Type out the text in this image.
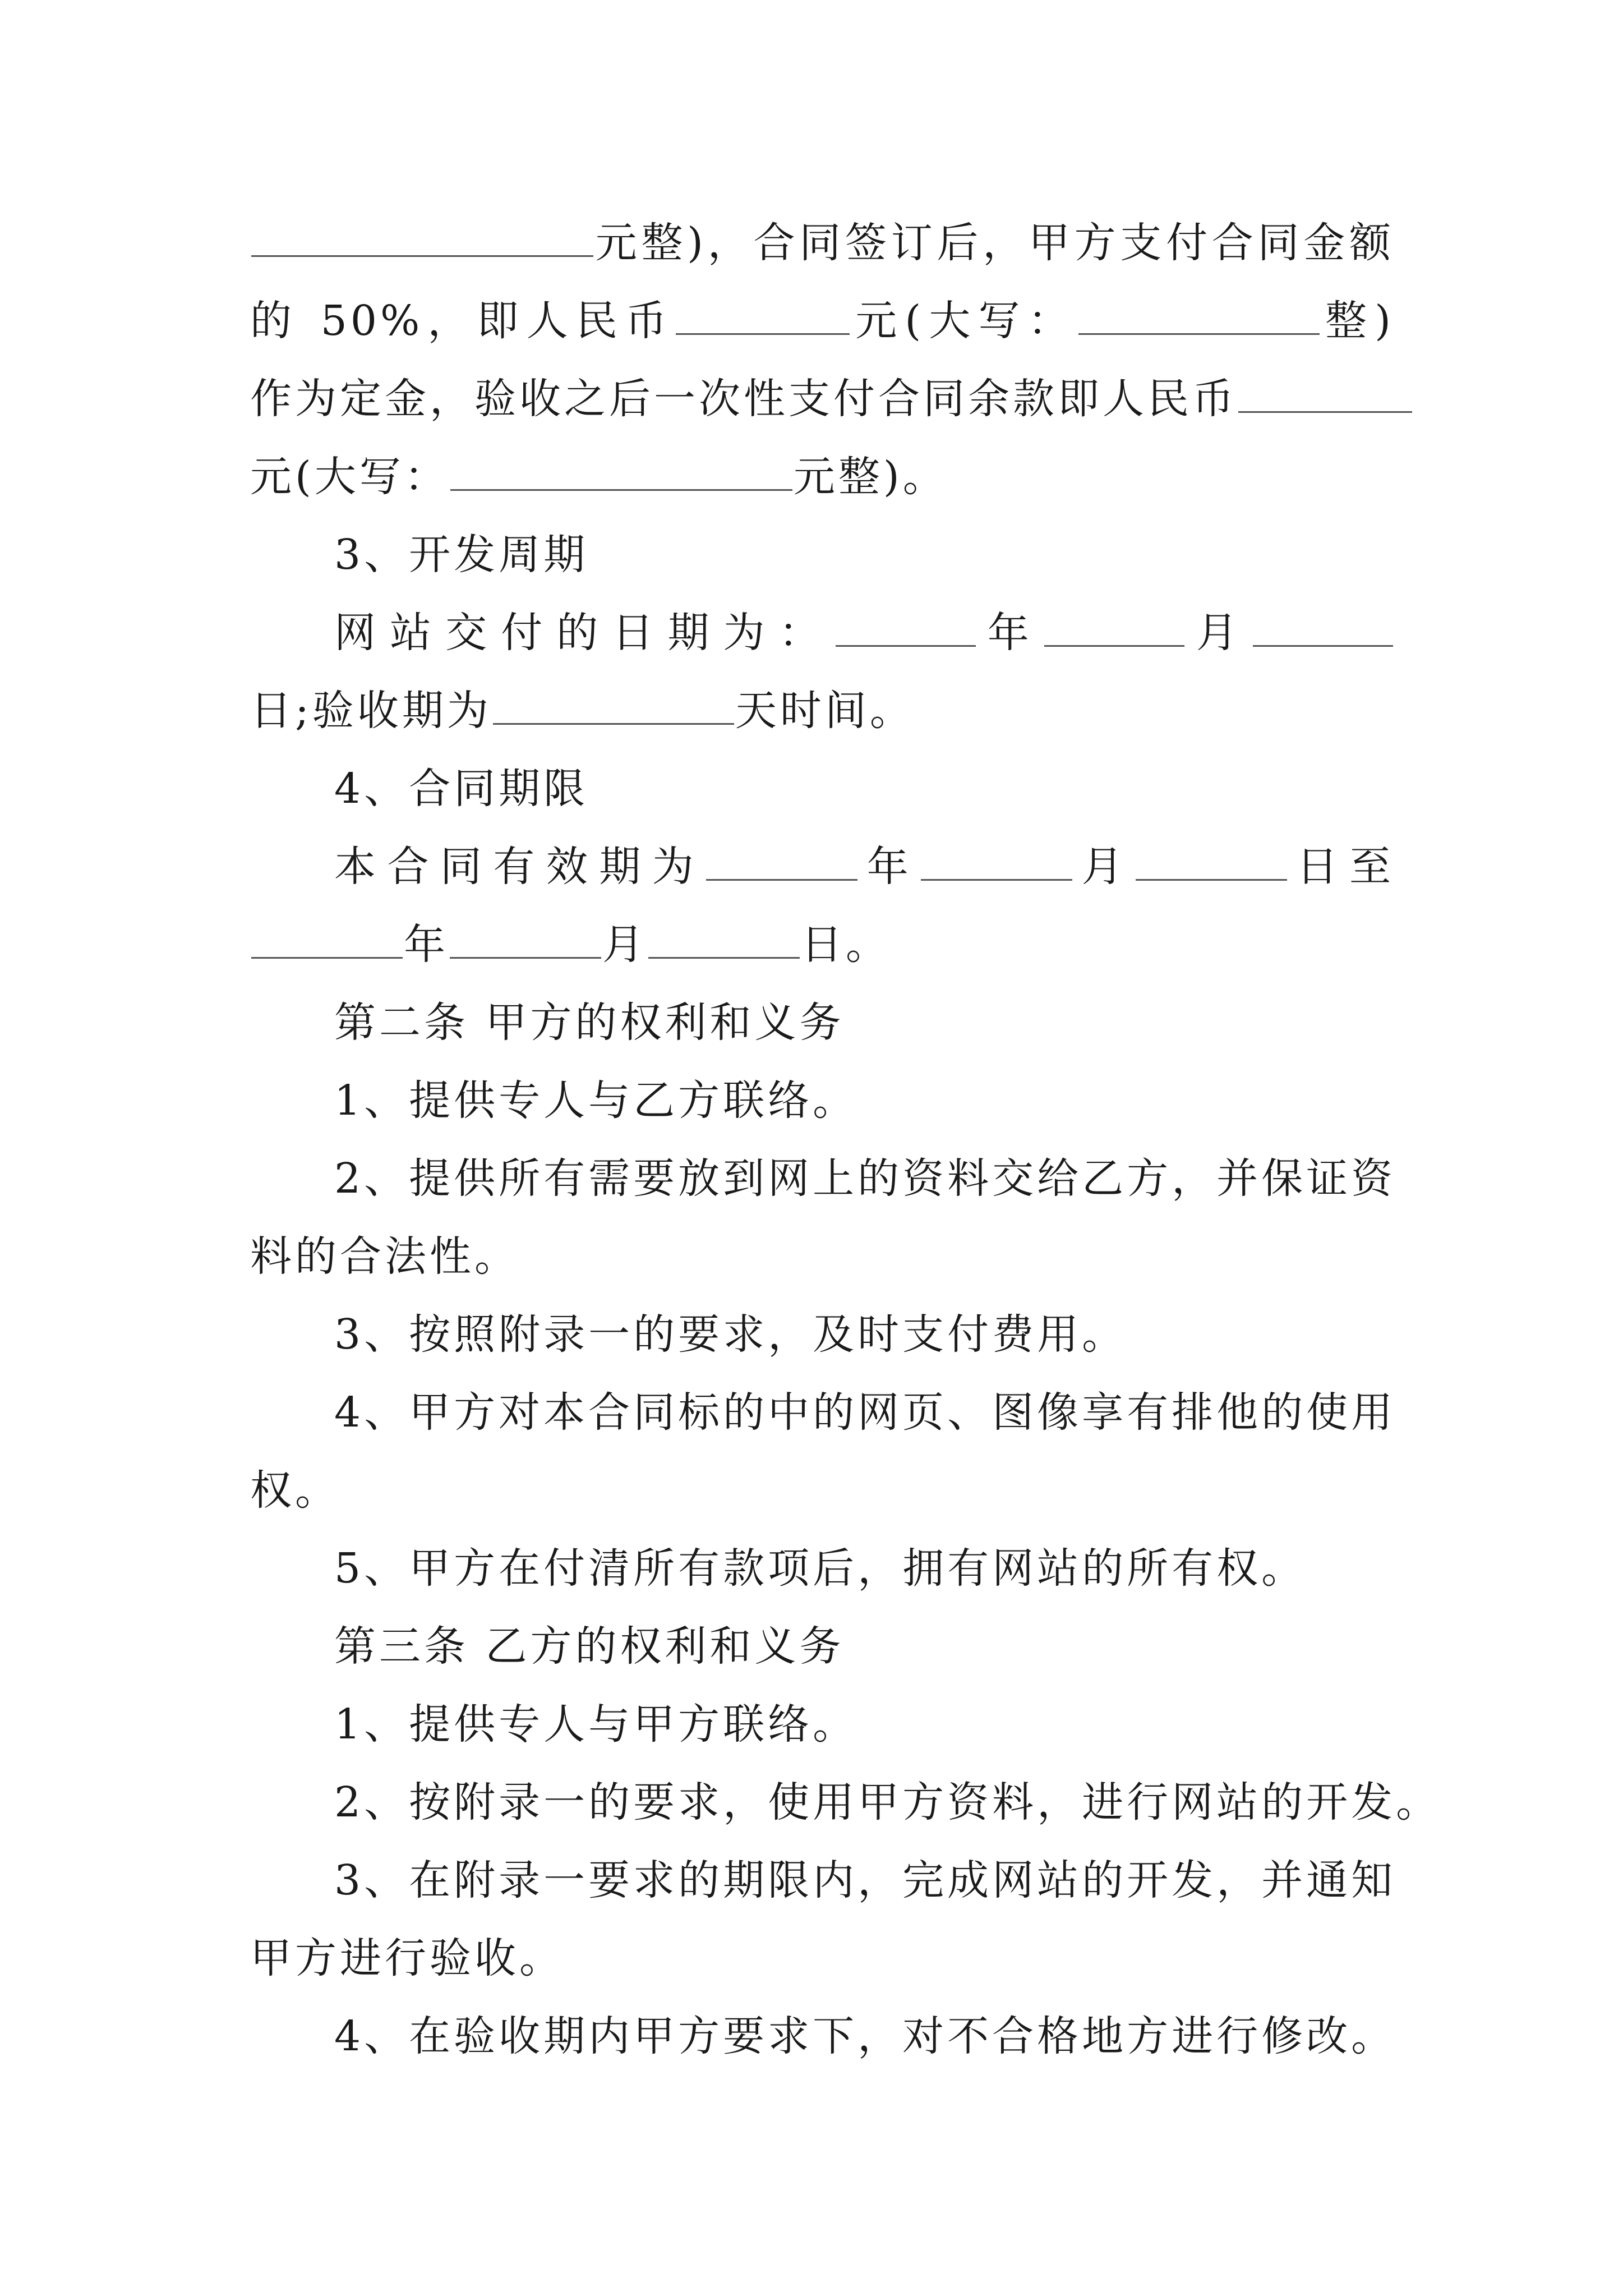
元整)，合同签订后，甲方支付合同金额
的 50%，即人民币	元(大写：	整)
作为定金，验收之后一次性支付合同余款即人民币
元(大写：	元整)。
3、开发周期
网站交付的日期为：	年	月
日;验收期为	天时间。
4、合同期限
本合同有效期为	年	月	日至
年	月	日。
第二条 甲方的权利和义务
1、提供专人与乙方联络。
2、提供所有需要放到网上的资料交给乙方，并保证资
料的合法性。
3、按照附录一的要求，及时支付费用。
4、甲方对本合同标的中的网页、图像享有排他的使用
权。
5、甲方在付清所有款项后，拥有网站的所有权。
第三条 乙方的权利和义务
1、提供专人与甲方联络。
2、按附录一的要求，使用甲方资料，进行网站的开发。
3、在附录一要求的期限内，完成网站的开发，并通知
甲方进行验收。
4、在验收期内甲方要求下，对不合格地方进行修改。
